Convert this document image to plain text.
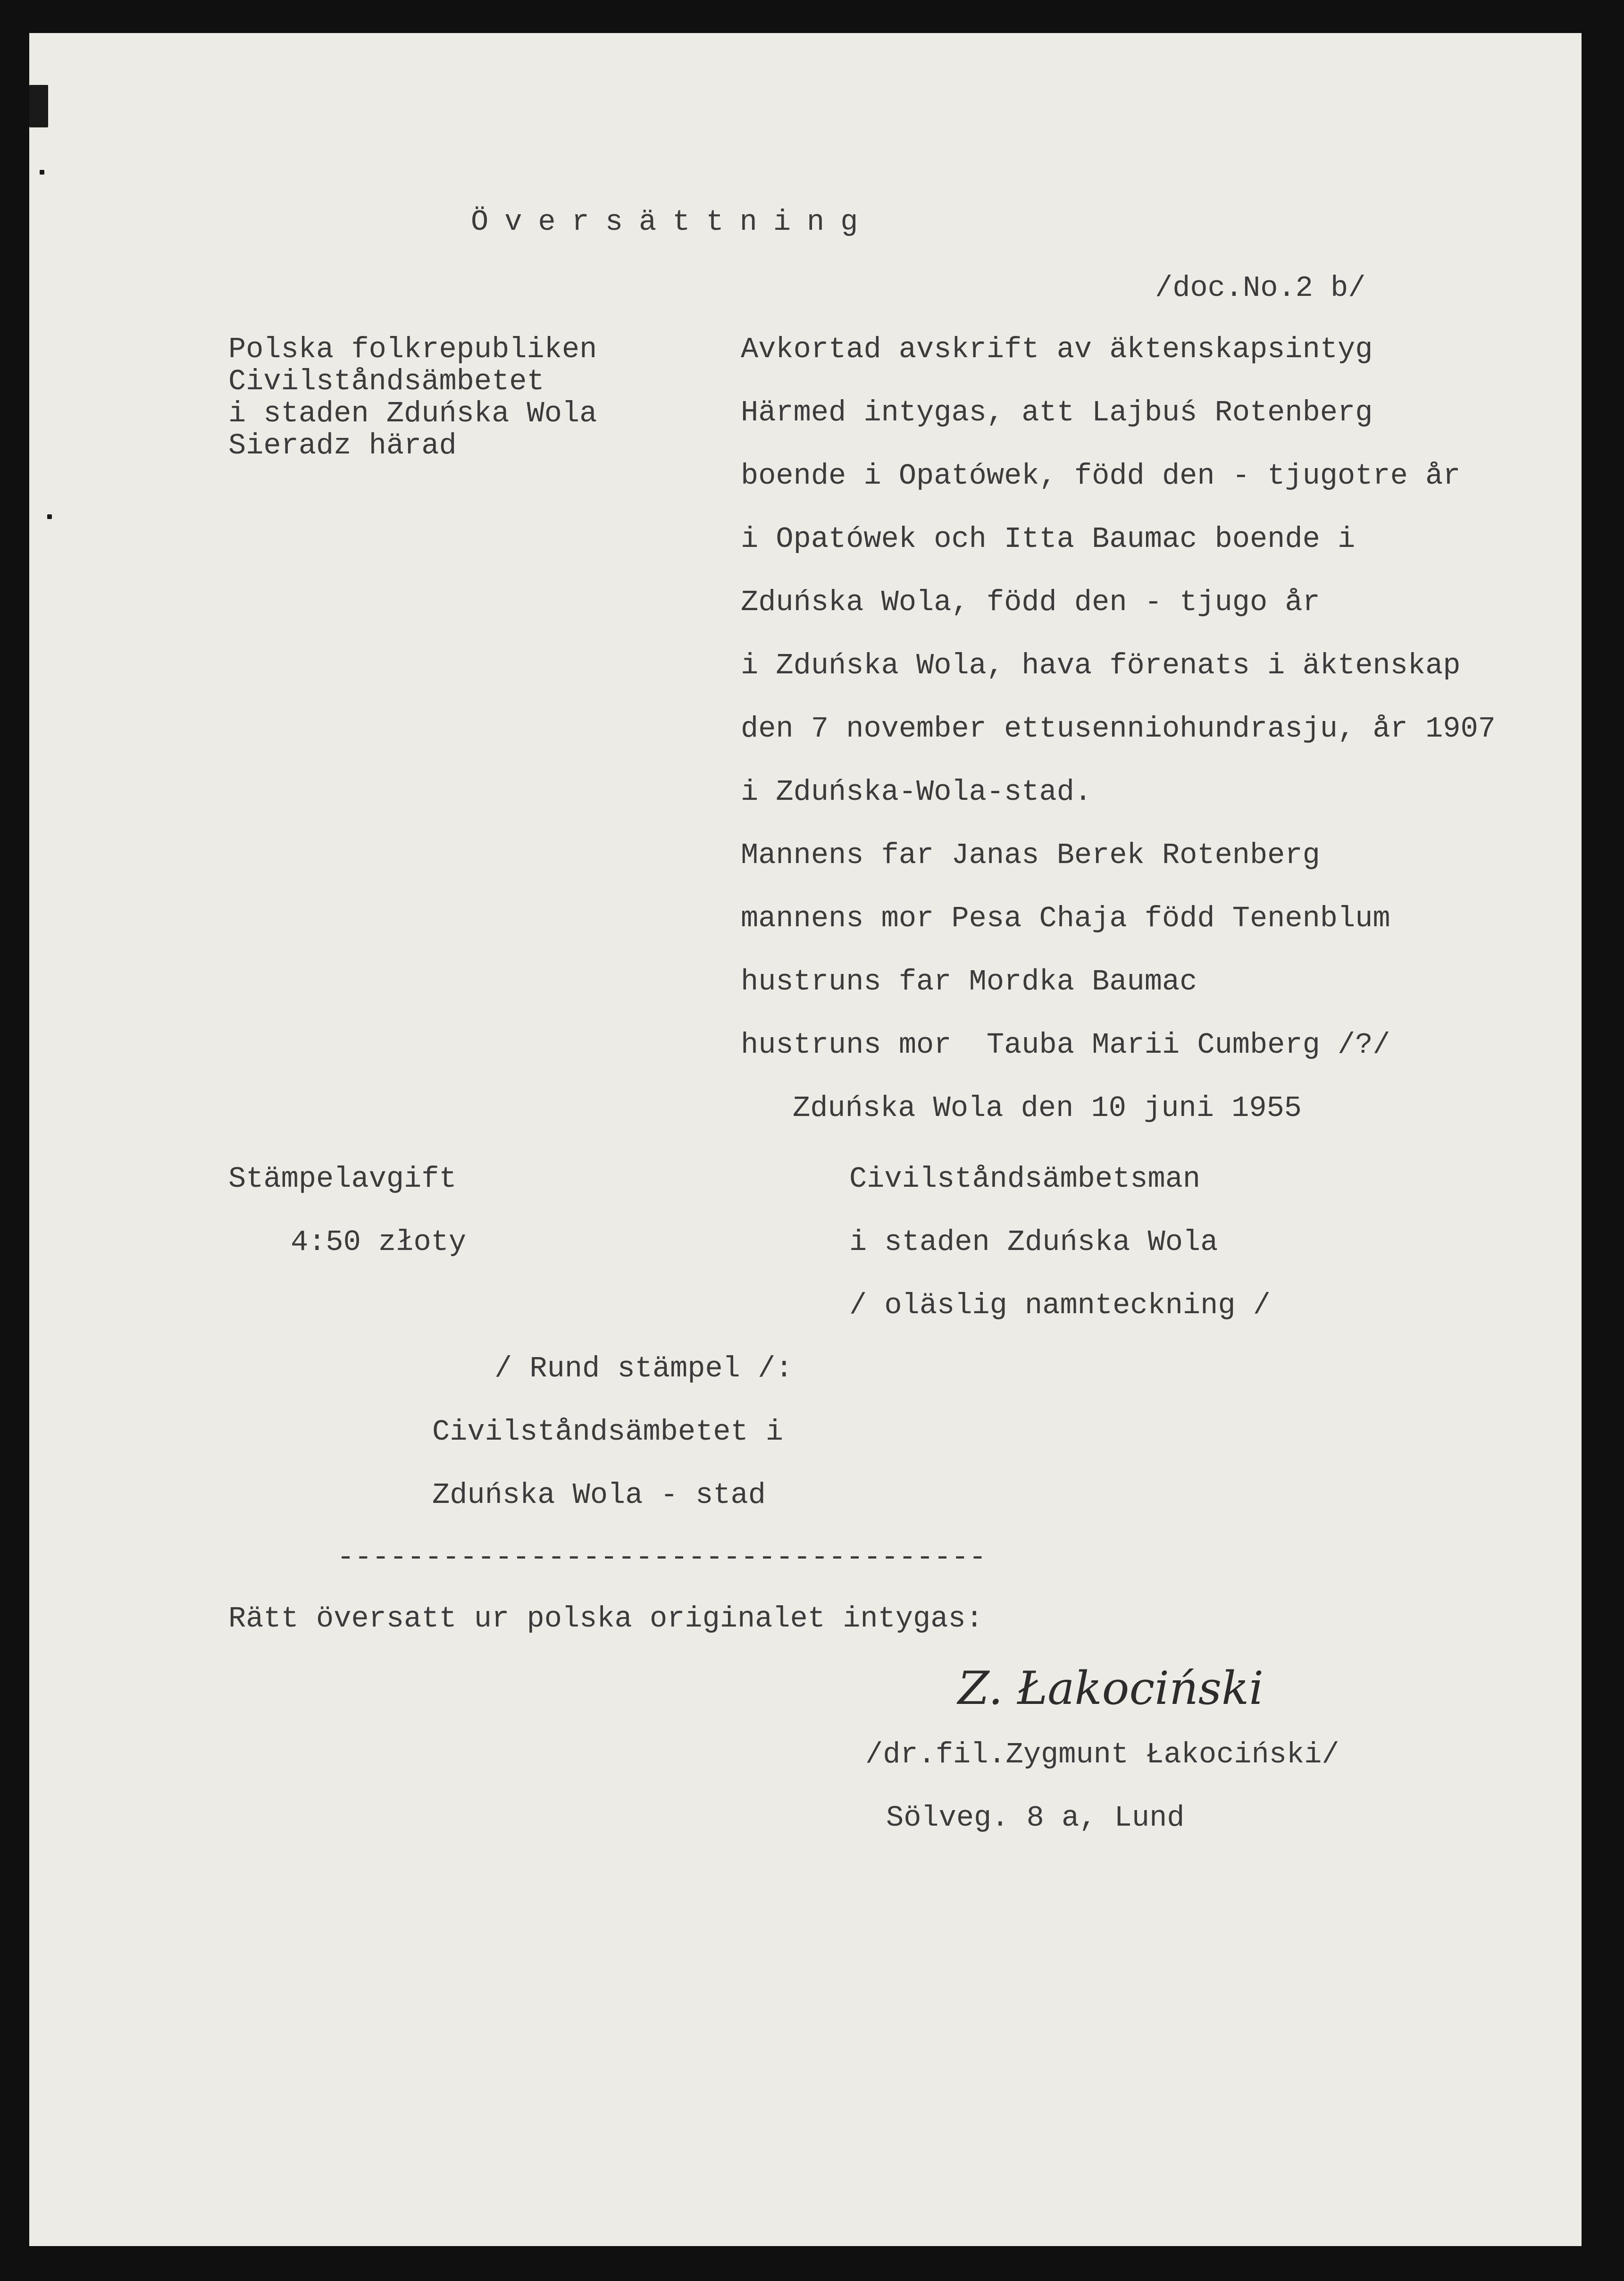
Översättning
/doc.No.2 b/
Polska folkrepubliken
Civilståndsämbetet
i staden Zduńska Wola
Sieradz härad
Avkortad avskrift av äktenskapsintyg
Härmed intygas, att Lajbuś Rotenberg
boende i Opatówek, född den - tjugotre år
i Opatówek och Itta Baumac boende i
Zduńska Wola, född den - tjugo år
i Zduńska Wola, hava förenats i äktenskap
den 7 november ettusenniohundrasju, år 1907
i Zduńska-Wola-stad.
Mannens far Janas Berek Rotenberg
mannens mor Pesa Chaja född Tenenblum
hustruns far Mordka Baumac
hustruns mor  Tauba Marii Cumberg /?/
Zduńska Wola den 10 juni 1955
Stämpelavgift
4:50 złoty
Civilståndsämbetsman
i staden Zduńska Wola
/ oläslig namnteckning /
/ Rund stämpel /:
Civilståndsämbetet i
Zduńska Wola - stad
-------------------------------------
Rätt översatt ur polska originalet intygas:
Z. Łakociński
/dr.fil.Zygmunt Łakociński/
Sölveg. 8 a, Lund
